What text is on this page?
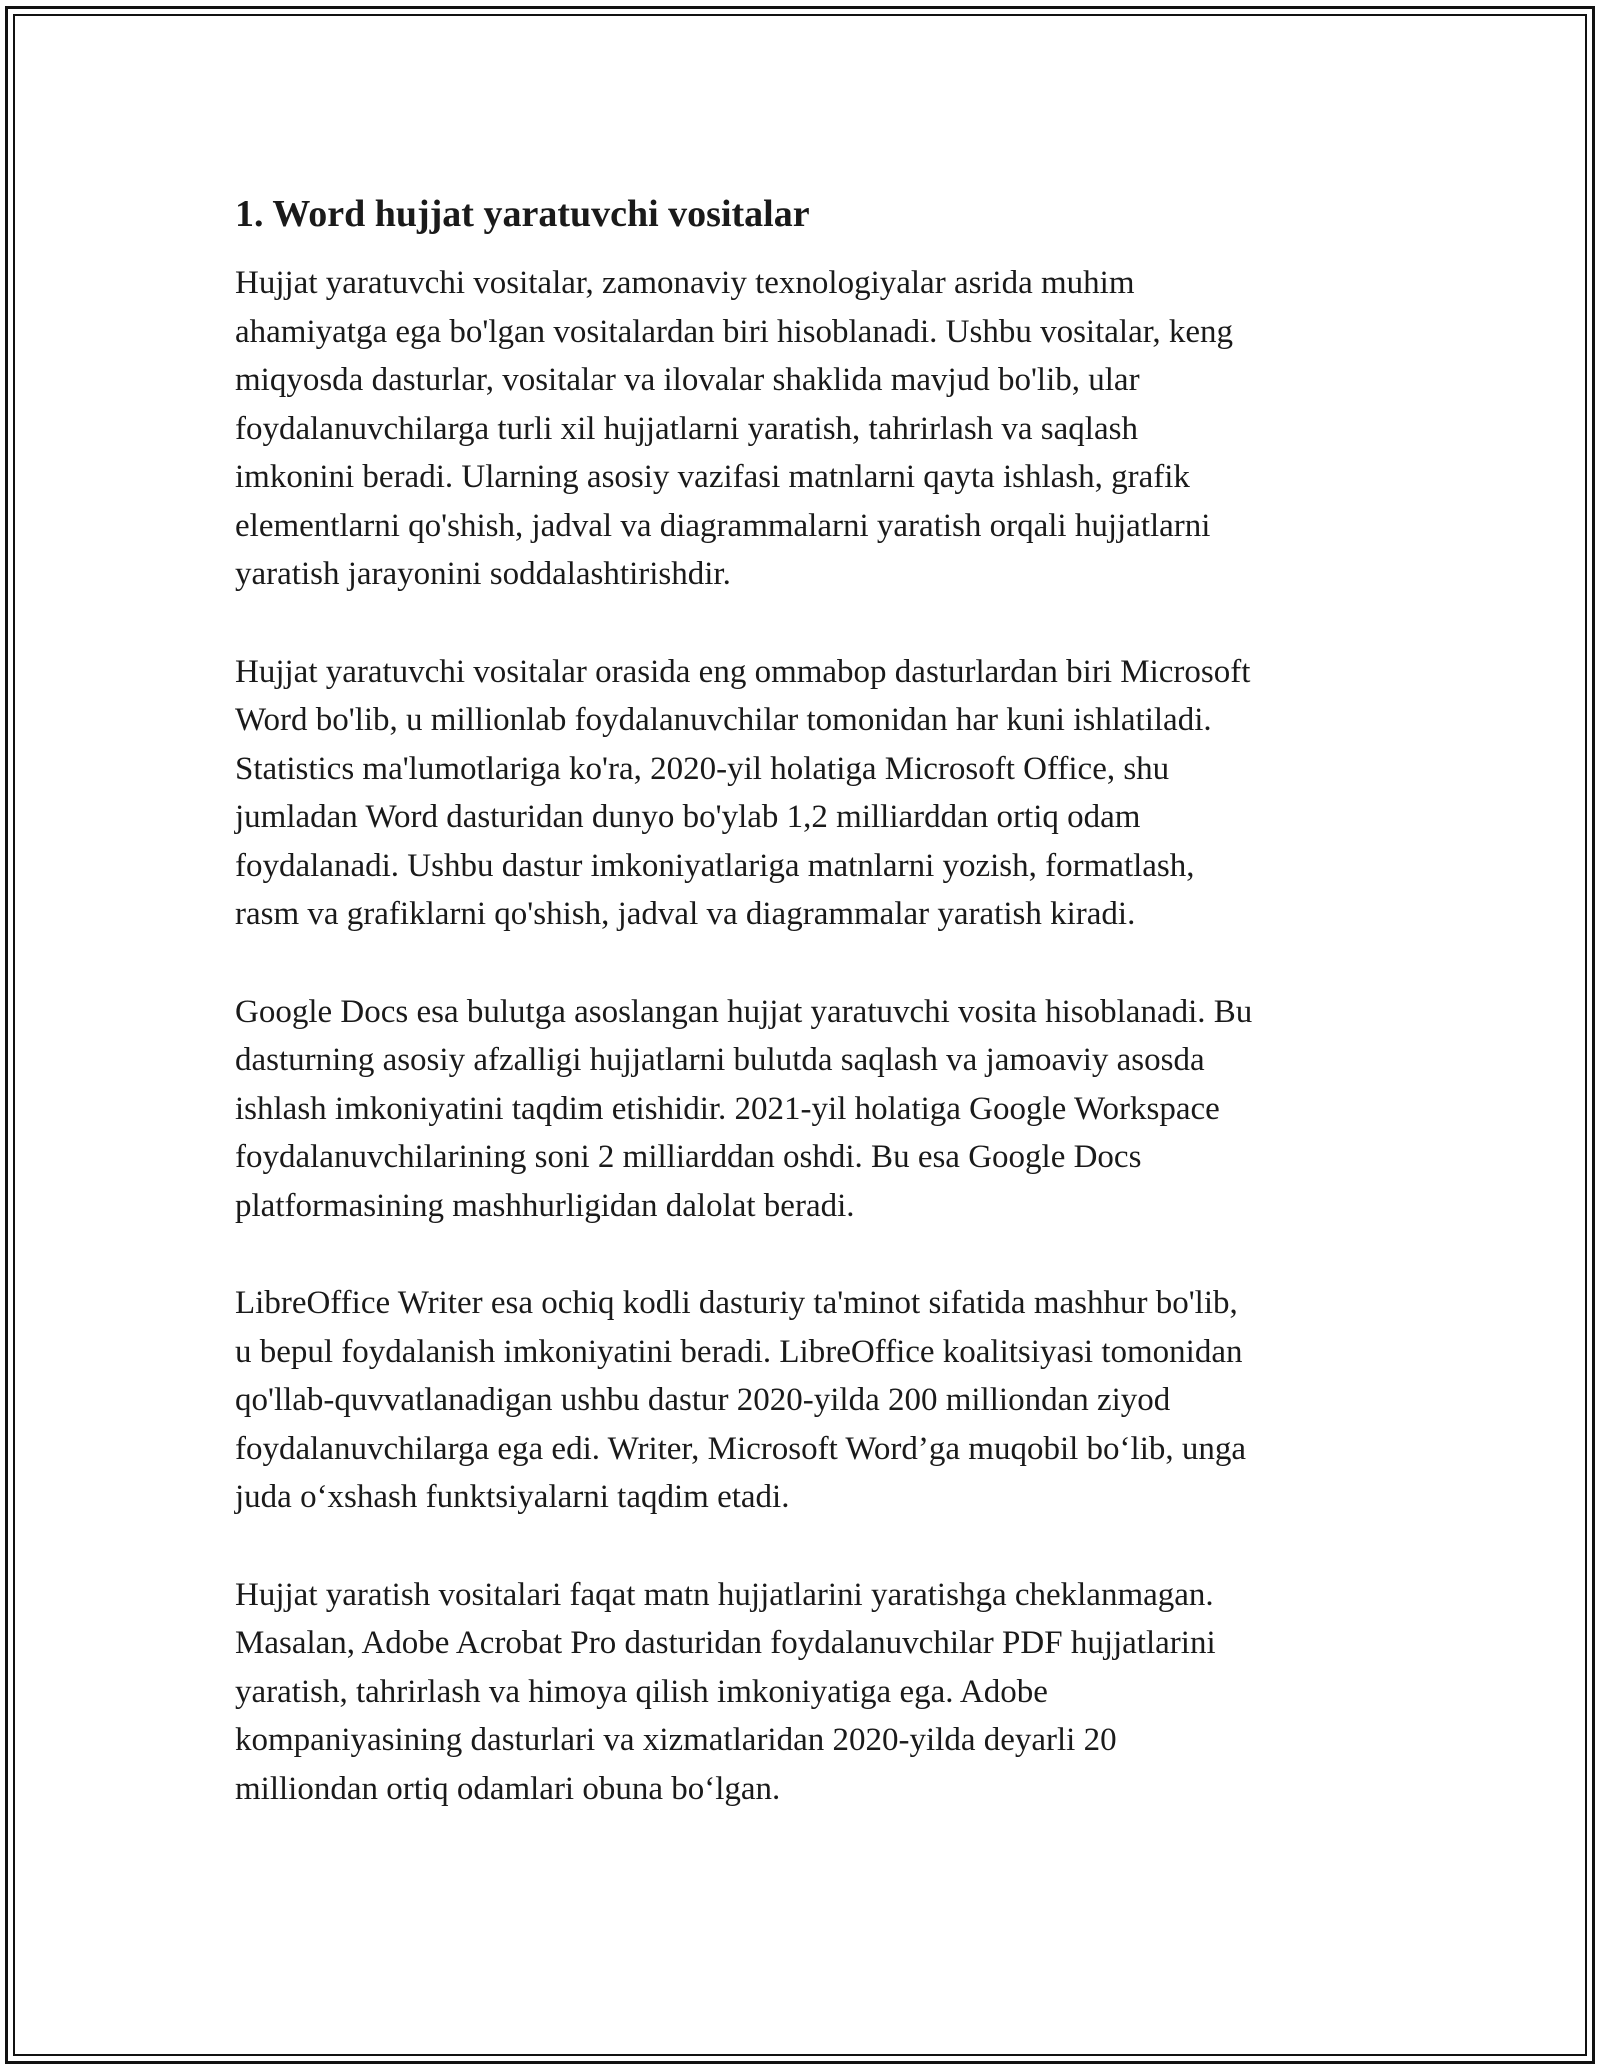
1. Word hujjat yaratuvchi vositalar

Hujjat yaratuvchi vositalar, zamonaviy texnologiyalar asrida muhim
ahamiyatga ega bo'lgan vositalardan biri hisoblanadi. Ushbu vositalar, keng
miqyosda dasturlar, vositalar va ilovalar shaklida mavjud bo'lib, ular
foydalanuvchilarga turli xil hujjatlarni yaratish, tahrirlash va saqlash
imkonini beradi. Ularning asosiy vazifasi matnlarni qayta ishlash, grafik
elementlarni qo'shish, jadval va diagrammalarni yaratish orqali hujjatlarni
yaratish jarayonini soddalashtirishdir.

Hujjat yaratuvchi vositalar orasida eng ommabop dasturlardan biri Microsoft
Word bo'lib, u millionlab foydalanuvchilar tomonidan har kuni ishlatiladi.
Statistics ma'lumotlariga ko'ra, 2020-yil holatiga Microsoft Office, shu
jumladan Word dasturidan dunyo bo'ylab 1,2 milliarddan ortiq odam
foydalanadi. Ushbu dastur imkoniyatlariga matnlarni yozish, formatlash,
rasm va grafiklarni qo'shish, jadval va diagrammalar yaratish kiradi.

Google Docs esa bulutga asoslangan hujjat yaratuvchi vosita hisoblanadi. Bu
dasturning asosiy afzalligi hujjatlarni bulutda saqlash va jamoaviy asosda
ishlash imkoniyatini taqdim etishidir. 2021-yil holatiga Google Workspace
foydalanuvchilarining soni 2 milliarddan oshdi. Bu esa Google Docs
platformasining mashhurligidan dalolat beradi.

LibreOffice Writer esa ochiq kodli dasturiy ta'minot sifatida mashhur bo'lib,
u bepul foydalanish imkoniyatini beradi. LibreOffice koalitsiyasi tomonidan
qo'llab-quvvatlanadigan ushbu dastur 2020-yilda 200 milliondan ziyod
foydalanuvchilarga ega edi. Writer, Microsoft Word’ga muqobil bo‘lib, unga
juda o‘xshash funktsiyalarni taqdim etadi.

Hujjat yaratish vositalari faqat matn hujjatlarini yaratishga cheklanmagan.
Masalan, Adobe Acrobat Pro dasturidan foydalanuvchilar PDF hujjatlarini
yaratish, tahrirlash va himoya qilish imkoniyatiga ega. Adobe
kompaniyasining dasturlari va xizmatlaridan 2020-yilda deyarli 20
milliondan ortiq odamlari obuna bo‘lgan.
